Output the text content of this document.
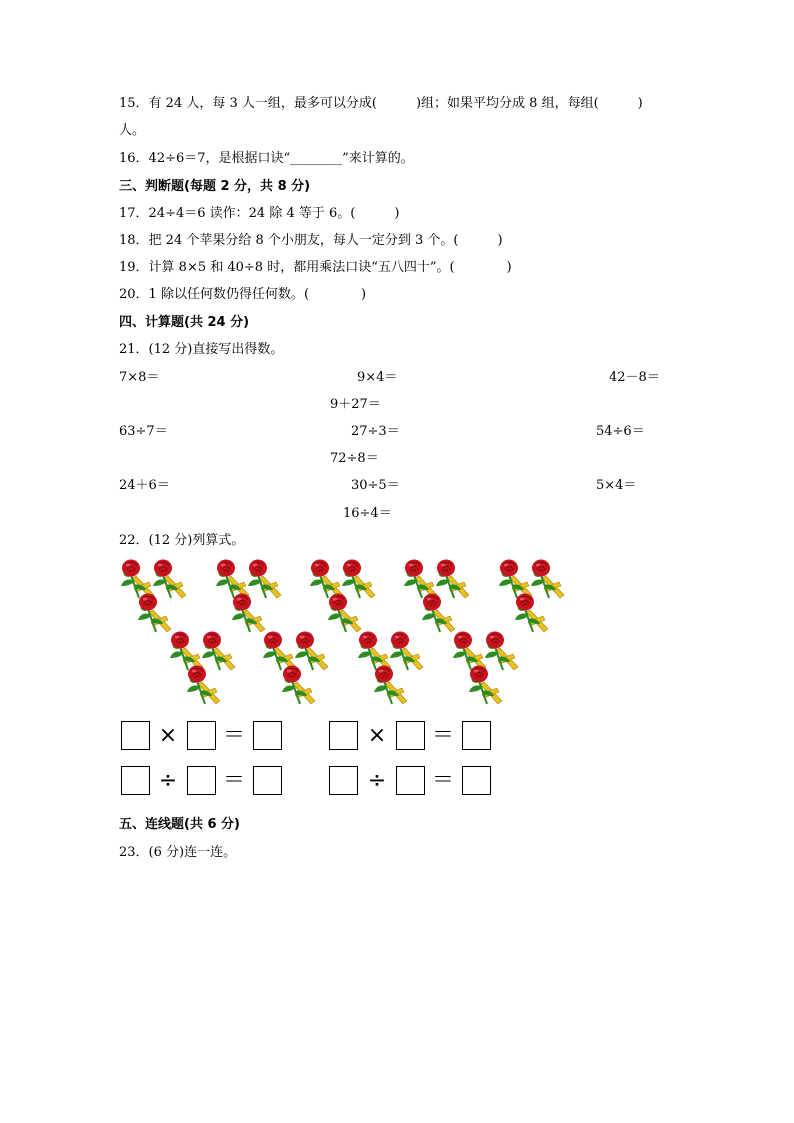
15．有 24 人，每 3 人一组，最多可以分成(　　　)组；如果平均分成 8 组，每组(　　　)
人。
16．42÷6＝7，是根据口诀“________”来计算的。
三、判断题(每题 2 分，共 8 分)
17．24÷4＝6 读作：24 除 4 等于 6。(　　　)
18．把 24 个苹果分给 8 个小朋友，每人一定分到 3 个。(　　　)
19．计算 8×5 和 40÷8 时，都用乘法口诀“五八四十”。(　　　　)
20．1 除以任何数仍得任何数。(　　　　)
四、计算题(共 24 分)
21．(12 分)直接写出得数。
7×8＝	9×4＝	42－8＝
9＋27＝
63÷7＝	27÷3＝	54÷6＝
72÷8＝
24＋6＝	30÷5＝	5×4＝
16÷4＝
22．(12 分)列算式。
× ＝	× ＝
÷ ＝	÷ ＝
五、连线题(共 6 分)
23．(6 分)连一连。
